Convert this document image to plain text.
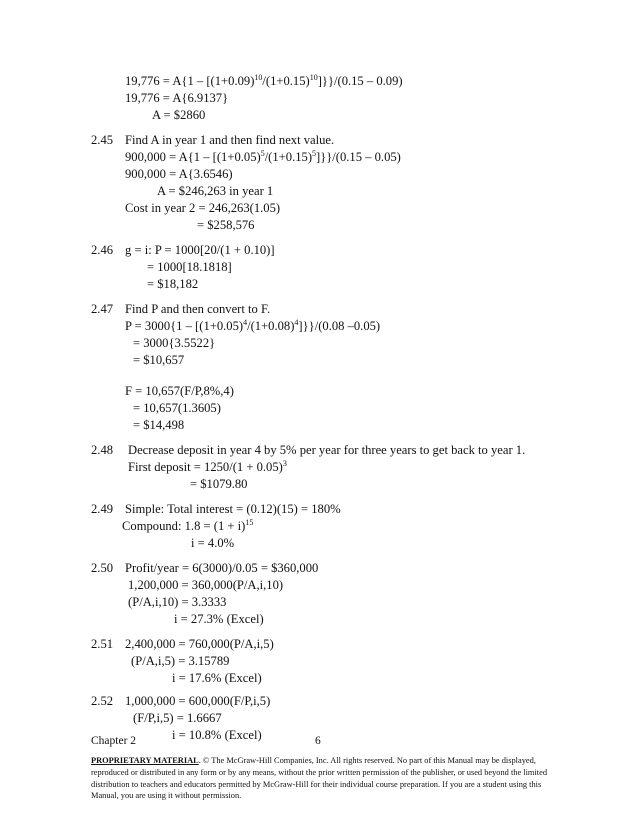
$19,776 = A\{1 - [(1+0.09)^{10}/(1+0.15)^{10}]\}\}/(0.15 - 0.09)$
19,776 = A{6.9137}
A = $2860
2.45 Find A in year 1 and then find next value.
$900,000 = A\{1 - [(1+0.05)^5/(1+0.15)^5]\}\}/(0.15 - 0.05)$
900,000 = A{3.6546)
A = $246,263 in year 1
Cost in year 2 = 246,263(1.05)
= $258,576
2.46 g = i: P = 1000[20/(1 + 0.10)]
= 1000[18.1818]
= $18,182
2.47 Find P and then convert to F.
$P = 3000\{1 - [(1+0.05)^4/(1+0.08)^4]\}\}/(0.08$ –0.05)
= 3000{3.5522}
= $10,657
F = 10,657(F/P,8%,4)
= 10,657(1.3605)
= $14,498
2.48 Decrease deposit in year 4 by 5% per year for three years to get back to year 1.
First deposit = $1250/(1 + 0.05)^3$
= $1079.80
2.49 Simple: Total interest = (0.12)(15) = 180%
Compound: $1.8 = (1 + i)^{15}$
i = 4.0%
2.50 Profit/year = 6(3000)/0.05 = $360,000
1,200,000 = 360,000(P/A,i,10)
(P/A,i,10) = 3.3333
i = 27.3% (Excel)
2.51 2,400,000 = 760,000(P/A,i,5)
(P/A,i,5) = 3.15789
i = 17.6% (Excel)
2.52 1,000,000 = 600,000(F/P,i,5)
(F/P,i,5) = 1.6667
i = 10.8% (Excel)
Chapter 2	6
PROPRIETARY MATERIAL. © The McGraw-Hill Companies, Inc. All rights reserved. No part of this Manual may be displayed, reproduced or distributed in any form or by any means, without the prior written permission of the publisher, or used beyond the limited distribution to teachers and educators permitted by McGraw-Hill for their individual course preparation. If you are a student using this Manual, you are using it without permission.
